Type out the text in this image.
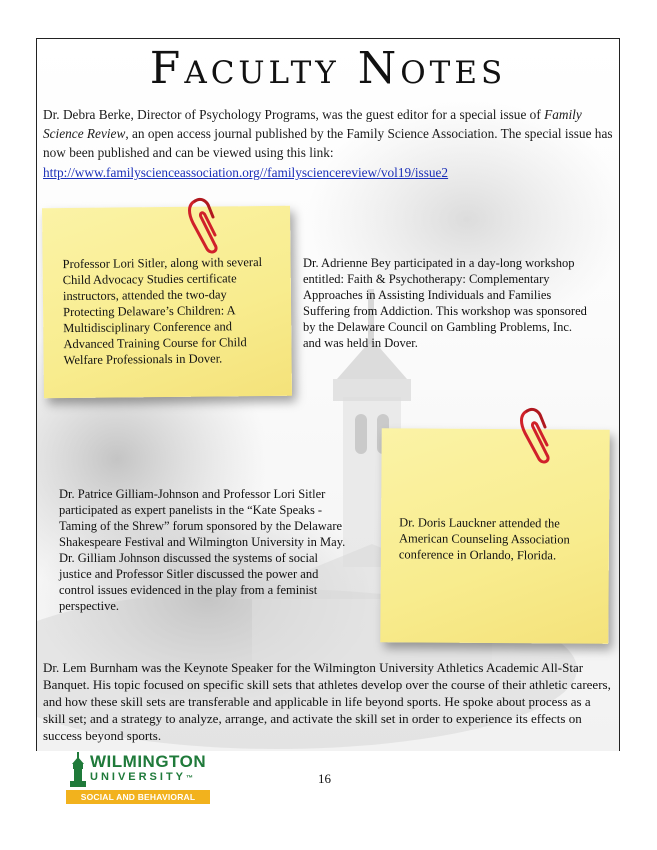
Faculty Notes

Dr. Debra Berke, Director of Psychology Programs, was the guest editor for a special issue of Family Science Review, an open access journal published by the Family Science Association. The special issue has now been published and can be viewed using this link:

http://www.familyscienceassociation.org//familysciencereview/vol19/issue2

Professor Lori Sitler, along with several Child Advocacy Studies certificate instructors, attended the two-day Protecting Delaware’s Children: A Multidisciplinary Conference and Advanced Training Course for Child Welfare Professionals in Dover.

Dr. Adrienne Bey participated in a day-long workshop entitled: Faith & Psychotherapy: Complementary Approaches in Assisting Individuals and Families Suffering from Addiction. This workshop was sponsored by the Delaware Council on Gambling Problems, Inc. and was held in Dover.

Dr. Doris Lauckner attended the American Counseling Association conference in Orlando, Florida.

Dr. Patrice Gilliam-Johnson and Professor Lori Sitler participated as expert panelists in the “Kate Speaks - Taming of the Shrew” forum sponsored by the Delaware Shakespeare Festival and Wilmington University in May. Dr. Gilliam Johnson discussed the systems of social justice and Professor Sitler discussed the power and control issues evidenced in the play from a feminist perspective.

Dr. Lem Burnham was the Keynote Speaker for the Wilmington University Athletics Academic All-Star Banquet. His topic focused on specific skill sets that athletes develop over the course of their athletic careers, and how these skill sets are transferable and applicable in life beyond sports. He spoke about process as a skill set; and a strategy to analyze, arrange, and activate the skill set in order to experience its effects on success beyond sports.

WILMINGTON
UNIVERSITY™
SOCIAL AND BEHAVIORAL SCIENCES
16
